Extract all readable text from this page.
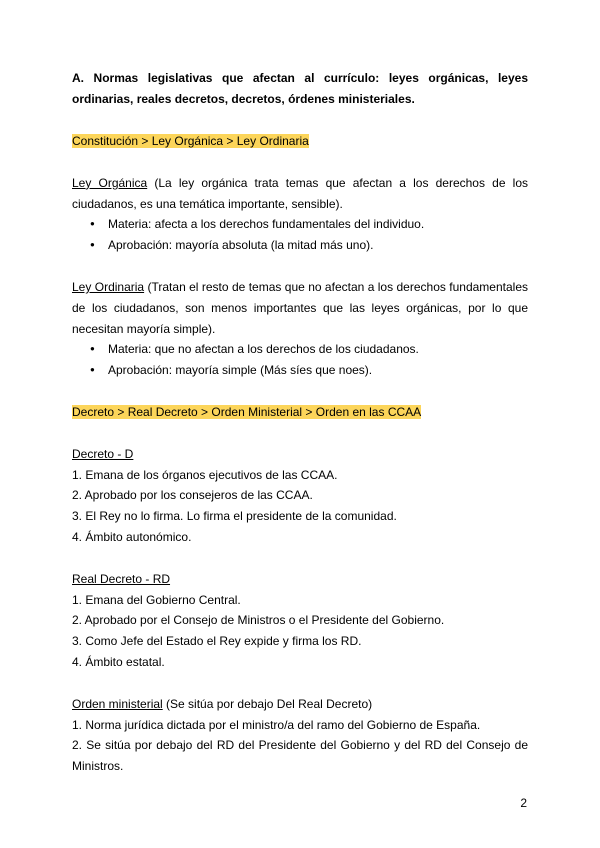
A. Normas legislativas que afectan al currículo: leyes orgánicas, leyes ordinarias, reales decretos, decretos, órdenes ministeriales.

Constitución > Ley Orgánica > Ley Ordinaria

Ley Orgánica (La ley orgánica trata temas que afectan a los derechos de los ciudadanos, es una temática importante, sensible).

● Materia: afecta a los derechos fundamentales del individuo.
● Aprobación: mayoría absoluta (la mitad más uno).

Ley Ordinaria (Tratan el resto de temas que no afectan a los derechos fundamentales de los ciudadanos, son menos importantes que las leyes orgánicas, por lo que necesitan mayoría simple).

● Materia: que no afectan a los derechos de los ciudadanos.
● Aprobación: mayoría simple (Más síes que noes).

Decreto > Real Decreto > Orden Ministerial > Orden en las CCAA

Decreto - D

1. Emana de los órganos ejecutivos de las CCAA.

2. Aprobado por los consejeros de las CCAA.

3. El Rey no lo firma. Lo firma el presidente de la comunidad.

4. Ámbito autonómico.

Real Decreto - RD

1. Emana del Gobierno Central.

2. Aprobado por el Consejo de Ministros o el Presidente del Gobierno.

3. Como Jefe del Estado el Rey expide y firma los RD.

4. Ámbito estatal.

Orden ministerial (Se sitúa por debajo Del Real Decreto)

1. Norma jurídica dictada por el ministro/a del ramo del Gobierno de España.

2. Se sitúa por debajo del RD del Presidente del Gobierno y del RD del Consejo de Ministros.

2
